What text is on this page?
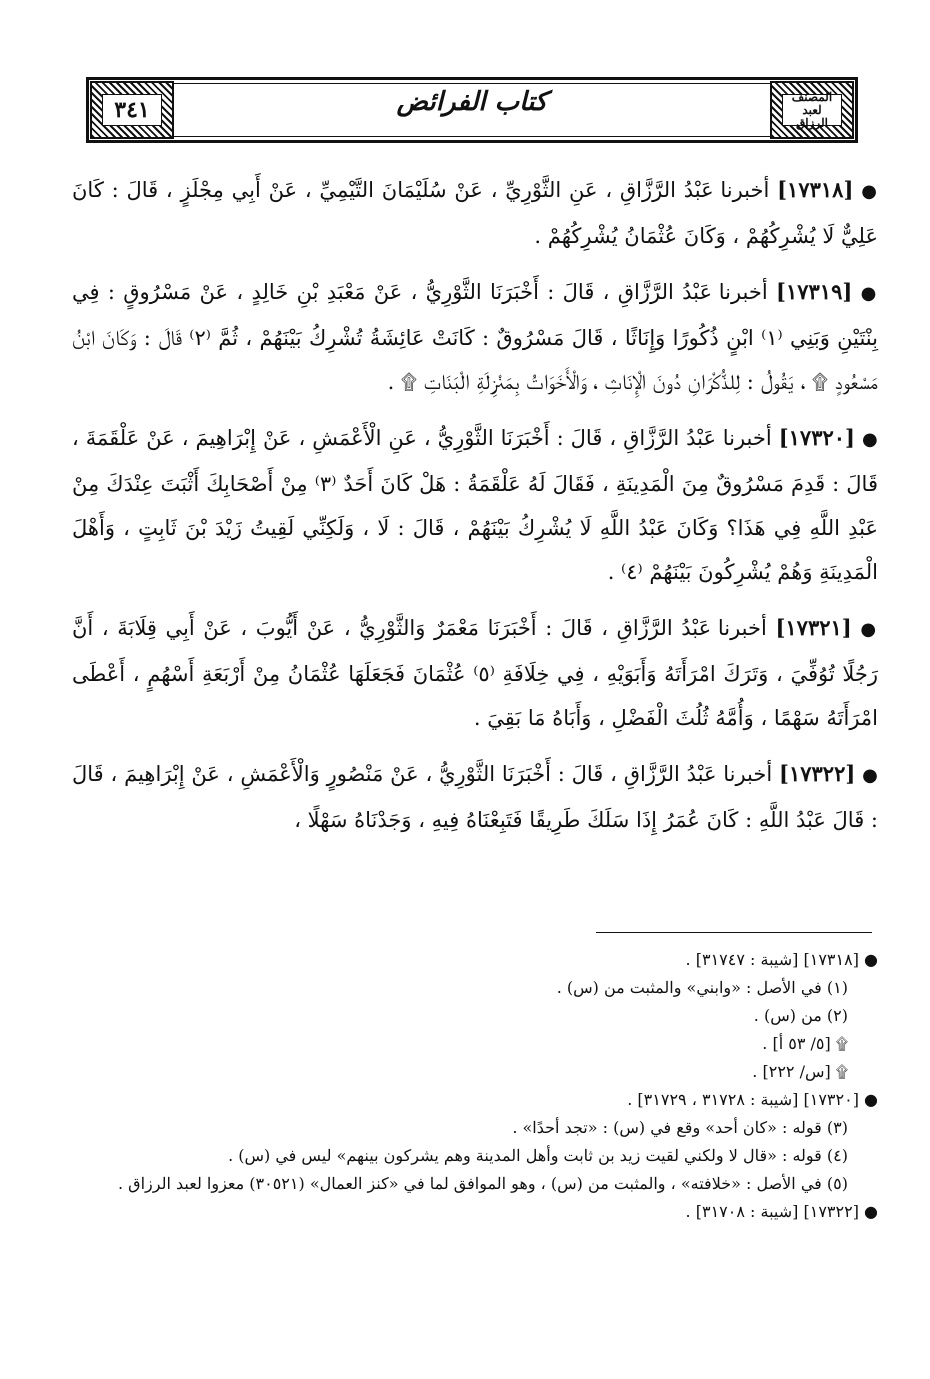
٣٤١	كتاب الفرائض	المصنف لعبد الرزاق

● [١٧٣١٨] أخبرنا عَبْدُ الرَّزَّاقِ ، عَنِ الثَّوْرِيِّ ، عَنْ سُلَيْمَانَ التَّيْمِيِّ ، عَنْ أَبِي مِجْلَزٍ ، قَالَ : كَانَ عَلِيٌّ لَا يُشْرِكُهُمْ ، وَكَانَ عُثْمَانُ يُشْرِكُهُمْ .

● [١٧٣١٩] أخبرنا عَبْدُ الرَّزَّاقِ ، قَالَ : أَخْبَرَنَا الثَّوْرِيُّ ، عَنْ مَعْبَدِ بْنِ خَالِدٍ ، عَنْ مَسْرُوقٍ : فِي بِنْتَيْنِ وَبَنِي ⁽١⁾ ابْنٍ ذُكُورًا وَإِنَاثًا ، قَالَ مَسْرُوقٌ : كَانَتْ عَائِشَةُ تُشْرِكُ بَيْنَهُمْ ، ثُمَّ ⁽٢⁾ قَالَ : وَكَانَ ابْنُ مَسْعُودٍ ۩ ، يَقُولُ : لِلذُّكْرَانِ دُونَ الْإِنَاثِ ، وَالْأَخَوَاتُ بِمَنْزِلَةِ الْبَنَاتِ ۩ .

● [١٧٣٢٠] أخبرنا عَبْدُ الرَّزَّاقِ ، قَالَ : أَخْبَرَنَا الثَّوْرِيُّ ، عَنِ الْأَعْمَشِ ، عَنْ إِبْرَاهِيمَ ، عَنْ عَلْقَمَةَ ، قَالَ : قَدِمَ مَسْرُوقٌ مِنَ الْمَدِينَةِ ، فَقَالَ لَهُ عَلْقَمَةُ : هَلْ كَانَ أَحَدٌ ⁽٣⁾ مِنْ أَصْحَابِكَ أَثْبَتَ عِنْدَكَ مِنْ عَبْدِ اللَّهِ فِي هَذَا؟ وَكَانَ عَبْدُ اللَّهِ لَا يُشْرِكُ بَيْنَهُمْ ، قَالَ : لَا ، وَلَكِنِّي لَقِيتُ زَيْدَ بْنَ ثَابِتٍ ، وَأَهْلَ الْمَدِينَةِ وَهُمْ يُشْرِكُونَ بَيْنَهُمْ ⁽٤⁾ .

● [١٧٣٢١] أخبرنا عَبْدُ الرَّزَّاقِ ، قَالَ : أَخْبَرَنَا مَعْمَرٌ وَالثَّوْرِيُّ ، عَنْ أَيُّوبَ ، عَنْ أَبِي قِلَابَةَ ، أَنَّ رَجُلًا تُوُفِّيَ ، وَتَرَكَ امْرَأَتَهُ وَأَبَوَيْهِ ، فِي خِلَافَةِ ⁽٥⁾ عُثْمَانَ فَجَعَلَهَا عُثْمَانُ مِنْ أَرْبَعَةِ أَسْهُمٍ ، أَعْطَى امْرَأَتَهُ سَهْمًا ، وَأُمَّهُ ثُلُثَ الْفَضْلِ ، وَأَبَاهُ مَا بَقِيَ .

● [١٧٣٢٢] أخبرنا عَبْدُ الرَّزَّاقِ ، قَالَ : أَخْبَرَنَا الثَّوْرِيُّ ، عَنْ مَنْصُورٍ وَالْأَعْمَشِ ، عَنْ إِبْرَاهِيمَ ، قَالَ : قَالَ عَبْدُ اللَّهِ : كَانَ عُمَرُ إِذَا سَلَكَ طَرِيقًا فَتَبِعْنَاهُ فِيهِ ، وَجَدْنَاهُ سَهْلًا ،

● [١٧٣١٨] [شيبة : ٣١٧٤٧] .

(١) في الأصل : «وابني» والمثبت من (س) .

(٢) من (س) .

۩ [٥/ ٥٣ أ] .

۩ [س/ ٢٢٢] .

● [١٧٣٢٠] [شيبة : ٣١٧٢٨ ، ٣١٧٢٩] .

(٣) قوله : «كان أحد» وقع في (س) : «تجد أحدًا» .

(٤) قوله : «قال لا ولكني لقيت زيد بن ثابت وأهل المدينة وهم يشركون بينهم» ليس في (س) .

(٥) في الأصل : «خلافته» ، والمثبت من (س) ، وهو الموافق لما في «كنز العمال» (٣٠٥٢١) معزوا لعبد الرزاق .

● [١٧٣٢٢] [شيبة : ٣١٧٠٨] .
